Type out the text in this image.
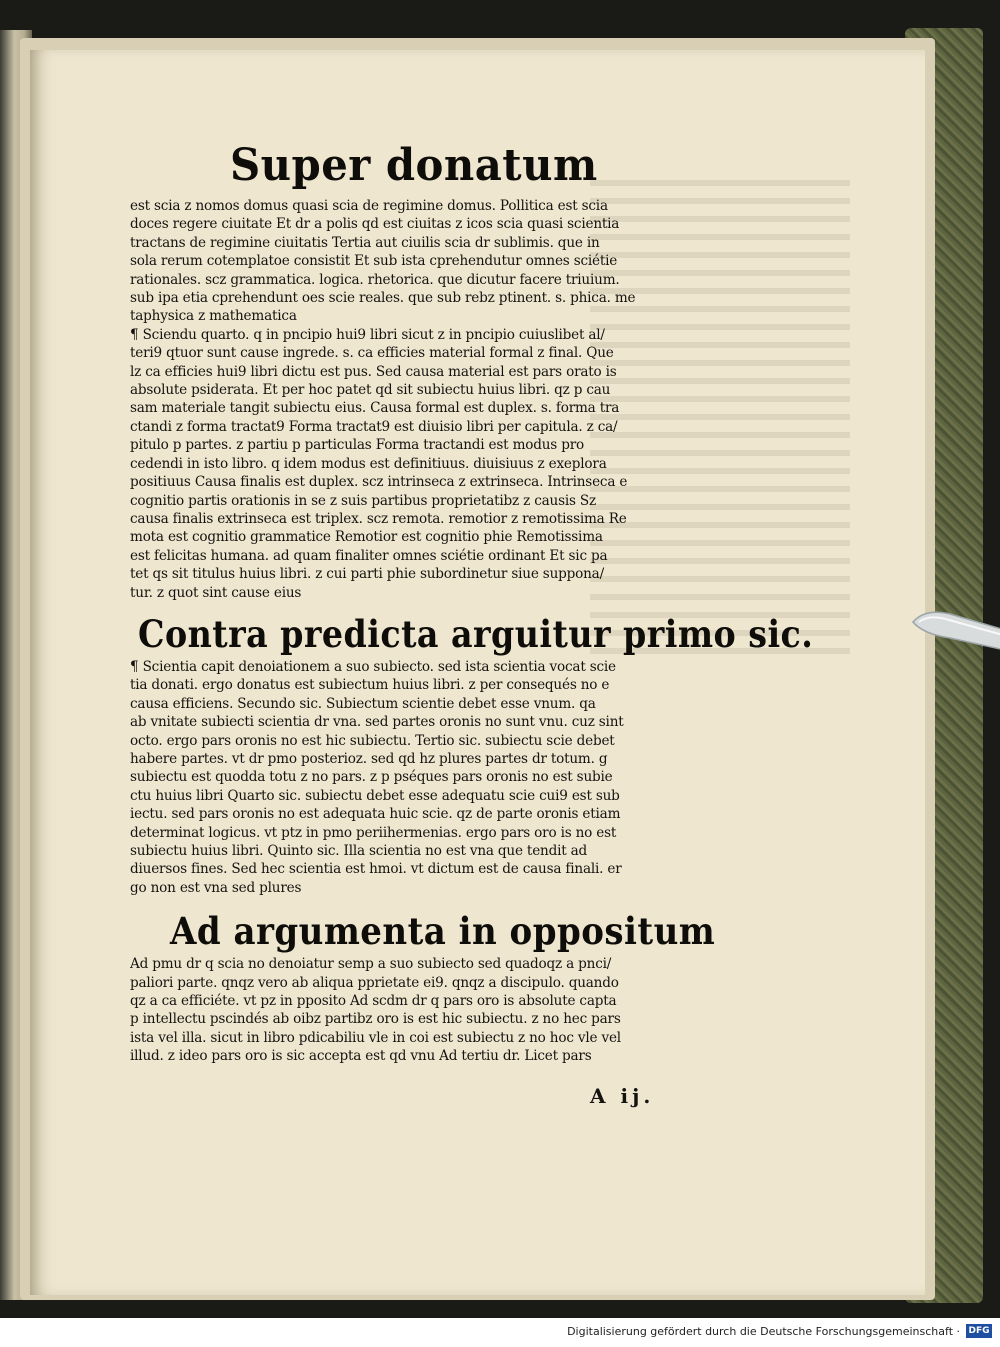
Super donatum
est scia z nomos domus quasi scia de regimine domus. Pollitica est scia
doces regere ciuitate Et dr a polis qd est ciuitas z icos scia quasi scientia
tractans de regimine ciuitatis Tertia aut ciuilis scia dr sublimis. que in
sola rerum cotemplatoe consistit Et sub ista cprehendutur omnes sciétie
rationales. scz grammatica. logica. rhetorica. que dicutur facere triuium.
sub ipa etia cprehendunt oes scie reales. que sub rebz ptinent. s. phica. me
taphysica z mathematica
¶ Sciendu quarto. q in pncipio hui9 libri sicut z in pncipio cuiuslibet al/
teri9 qtuor sunt cause ingrede. s. ca efficies material formal z final. Que
lz ca efficies hui9 libri dictu est pus. Sed causa material est pars orato is
absolute psiderata. Et per hoc patet qd sit subiectu huius libri. qz p cau
sam materiale tangit subiectu eius. Causa formal est duplex. s. forma tra
ctandi z forma tractat9 Forma tractat9 est diuisio libri per capitula. z ca/
pitulo p partes. z partiu p particulas Forma tractandi est modus pro
cedendi in isto libro. q idem modus est definitiuus. diuisiuus z exeplora
positiuus Causa finalis est duplex. scz intrinseca z extrinseca. Intrinseca e
cognitio partis orationis in se z suis partibus proprietatibz z causis Sz
causa finalis extrinseca est triplex. scz remota. remotior z remotissima Re
mota est cognitio grammatice Remotior est cognitio phie Remotissima
est felicitas humana. ad quam finaliter omnes sciétie ordinant Et sic pa
tet qs sit titulus huius libri. z cui parti phie subordinetur siue suppona/
tur. z quot sint cause eius
Contra predicta arguitur primo sic.
¶ Scientia capit denoiationem a suo subiecto. sed ista scientia vocat scie
tia donati. ergo donatus est subiectum huius libri. z per consequés no e
causa efficiens. Secundo sic. Subiectum scientie debet esse vnum. qa
ab vnitate subiecti scientia dr vna. sed partes oronis no sunt vnu. cuz sint
octo. ergo pars oronis no est hic subiectu. Tertio sic. subiectu scie debet
habere partes. vt dr pmo posterioz. sed qd hz plures partes dr totum. g
subiectu est quodda totu z no pars. z p pséques pars oronis no est subie
ctu huius libri Quarto sic. subiectu debet esse adequatu scie cui9 est sub
iectu. sed pars oronis no est adequata huic scie. qz de parte oronis etiam
determinat logicus. vt ptz in pmo periihermenias. ergo pars oro is no est
subiectu huius libri. Quinto sic. Illa scientia no est vna que tendit ad
diuersos fines. Sed hec scientia est hmoi. vt dictum est de causa finali. er
go non est vna sed plures
Ad argumenta in oppositum
Ad pmu dr q scia no denoiatur semp a suo subiecto sed quadoqz a pnci/
paliori parte. qnqz vero ab aliqua pprietate ei9. qnqz a discipulo. quando
qz a ca efficiéte. vt pz in pposito Ad scdm dr q pars oro is absolute capta
p intellectu pscindés ab oibz partibz oro is est hic subiectu. z no hec pars
ista vel illa. sicut in libro pdicabiliu vle in coi est subiectu z no hoc vle vel
illud. z ideo pars oro is sic accepta est qd vnu Ad tertiu dr. Licet pars
A ij.
Digitalisierung gefördert durch die Deutsche Forschungsgemeinschaft · DFG
